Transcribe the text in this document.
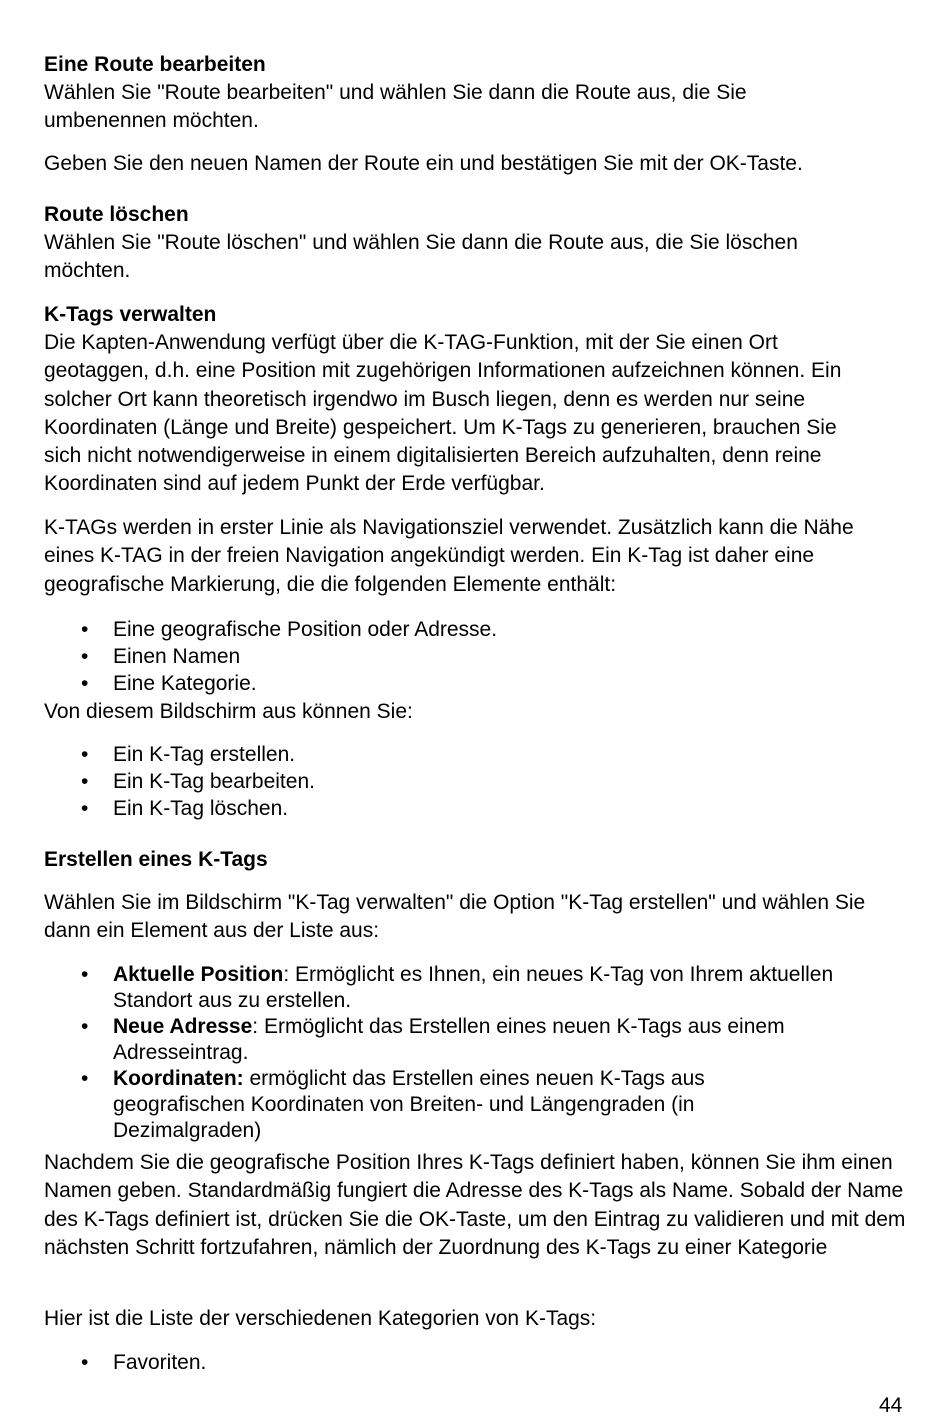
Eine Route bearbeiten

Wählen Sie "Route bearbeiten" und wählen Sie dann die Route aus, die Sie umbenennen möchten.

Geben Sie den neuen Namen der Route ein und bestätigen Sie mit der OK-Taste.

Route löschen

Wählen Sie "Route löschen" und wählen Sie dann die Route aus, die Sie löschen möchten.

K-Tags verwalten

Die Kapten-Anwendung verfügt über die K-TAG-Funktion, mit der Sie einen Ort geotaggen, d.h. eine Position mit zugehörigen Informationen aufzeichnen können. Ein solcher Ort kann theoretisch irgendwo im Busch liegen, denn es werden nur seine Koordinaten (Länge und Breite) gespeichert. Um K-Tags zu generieren, brauchen Sie sich nicht notwendigerweise in einem digitalisierten Bereich aufzuhalten, denn reine Koordinaten sind auf jedem Punkt der Erde verfügbar.

K-TAGs werden in erster Linie als Navigationsziel verwendet. Zusätzlich kann die Nähe eines K-TAG in der freien Navigation angekündigt werden. Ein K-Tag ist daher eine geografische Markierung, die die folgenden Elemente enthält:

• Eine geografische Position oder Adresse.
• Einen Namen
• Eine Kategorie.

Von diesem Bildschirm aus können Sie:

• Ein K-Tag erstellen.
• Ein K-Tag bearbeiten.
• Ein K-Tag löschen.
Erstellen eines K-Tags

Wählen Sie im Bildschirm "K-Tag verwalten" die Option "K-Tag erstellen" und wählen Sie dann ein Element aus der Liste aus:

• Aktuelle Position: Ermöglicht es Ihnen, ein neues K-Tag von Ihrem aktuellen Standort aus zu erstellen.
• Neue Adresse: Ermöglicht das Erstellen eines neuen K-Tags aus einem Adresseintrag.
• Koordinaten: ermöglicht das Erstellen eines neuen K-Tags aus geografischen Koordinaten von Breiten- und Längengraden (in Dezimalgraden)

Nachdem Sie die geografische Position Ihres K-Tags definiert haben, können Sie ihm einen Namen geben. Standardmäßig fungiert die Adresse des K-Tags als Name. Sobald der Name des K-Tags definiert ist, drücken Sie die OK-Taste, um den Eintrag zu validieren und mit dem nächsten Schritt fortzufahren, nämlich der Zuordnung des K-Tags zu einer Kategorie

Hier ist die Liste der verschiedenen Kategorien von K-Tags:

• Favoriten.
44
